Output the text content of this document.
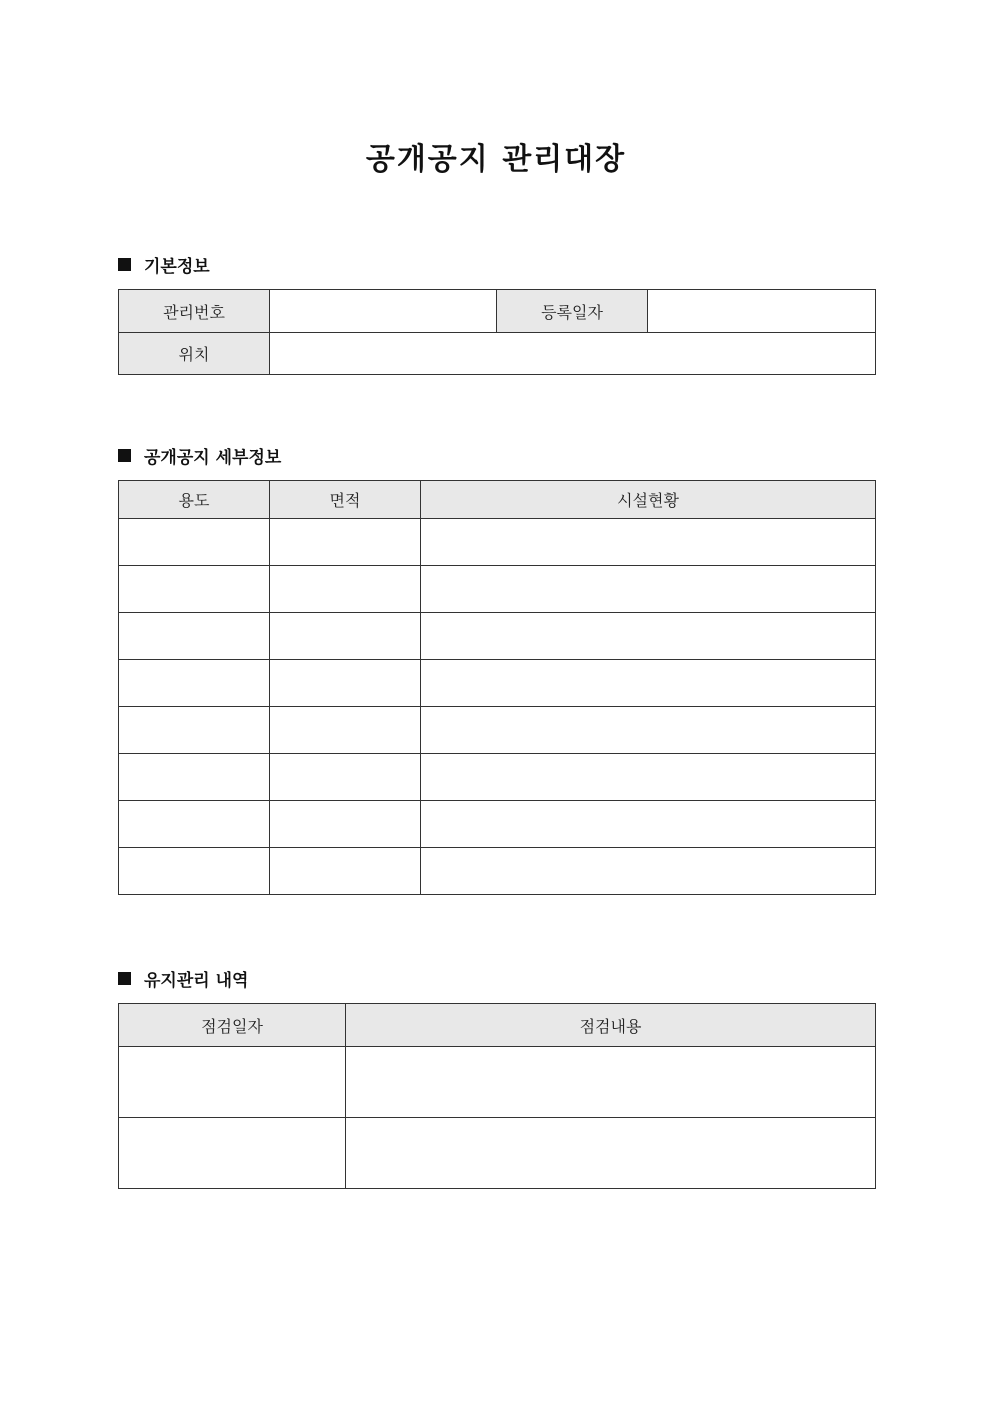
공개공지 관리대장
기본정보
관리번호		등록일자	
위치			
공개공지 세부정보
용도	면적	시설현황

유지관리 내역
점검일자	점검내용
